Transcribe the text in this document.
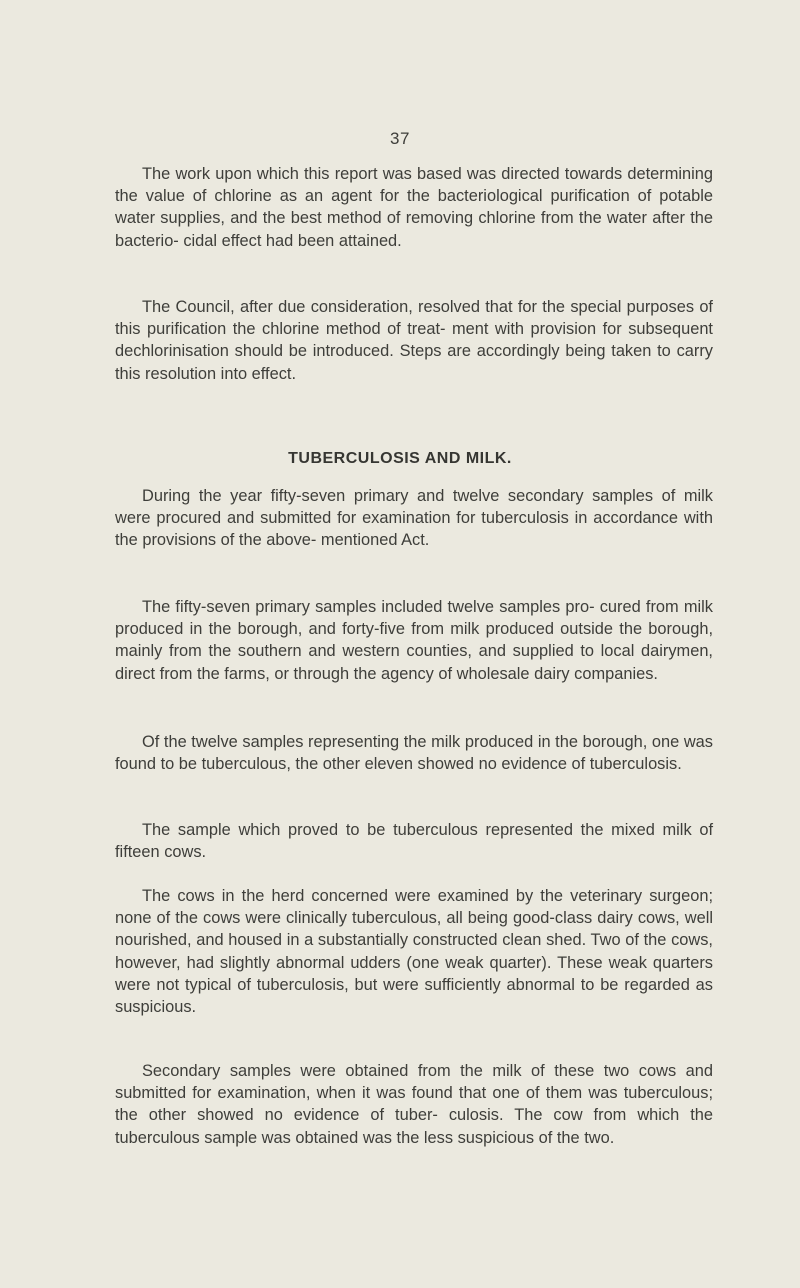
37

The work upon which this report was based was directed towards determining the value of chlorine as an agent for the bacteriological purification of potable water supplies, and the best method of removing chlorine from the water after the bacterio- cidal effect had been attained.

The Council, after due consideration, resolved that for the special purposes of this purification the chlorine method of treat- ment with provision for subsequent dechlorinisation should be introduced. Steps are accordingly being taken to carry this resolution into effect.

TUBERCULOSIS AND MILK.

During the year fifty-seven primary and twelve secondary samples of milk were procured and submitted for examination for tuberculosis in accordance with the provisions of the above- mentioned Act.

The fifty-seven primary samples included twelve samples pro- cured from milk produced in the borough, and forty-five from milk produced outside the borough, mainly from the southern and western counties, and supplied to local dairymen, direct from the farms, or through the agency of wholesale dairy companies.

Of the twelve samples representing the milk produced in the borough, one was found to be tuberculous, the other eleven showed no evidence of tuberculosis.

The sample which proved to be tuberculous represented the mixed milk of fifteen cows.

The cows in the herd concerned were examined by the veterinary surgeon; none of the cows were clinically tuberculous, all being good-class dairy cows, well nourished, and housed in a substantially constructed clean shed. Two of the cows, however, had slightly abnormal udders (one weak quarter). These weak quarters were not typical of tuberculosis, but were sufficiently abnormal to be regarded as suspicious.

Secondary samples were obtained from the milk of these two cows and submitted for examination, when it was found that one of them was tuberculous; the other showed no evidence of tuber- culosis. The cow from which the tuberculous sample was obtained was the less suspicious of the two.
